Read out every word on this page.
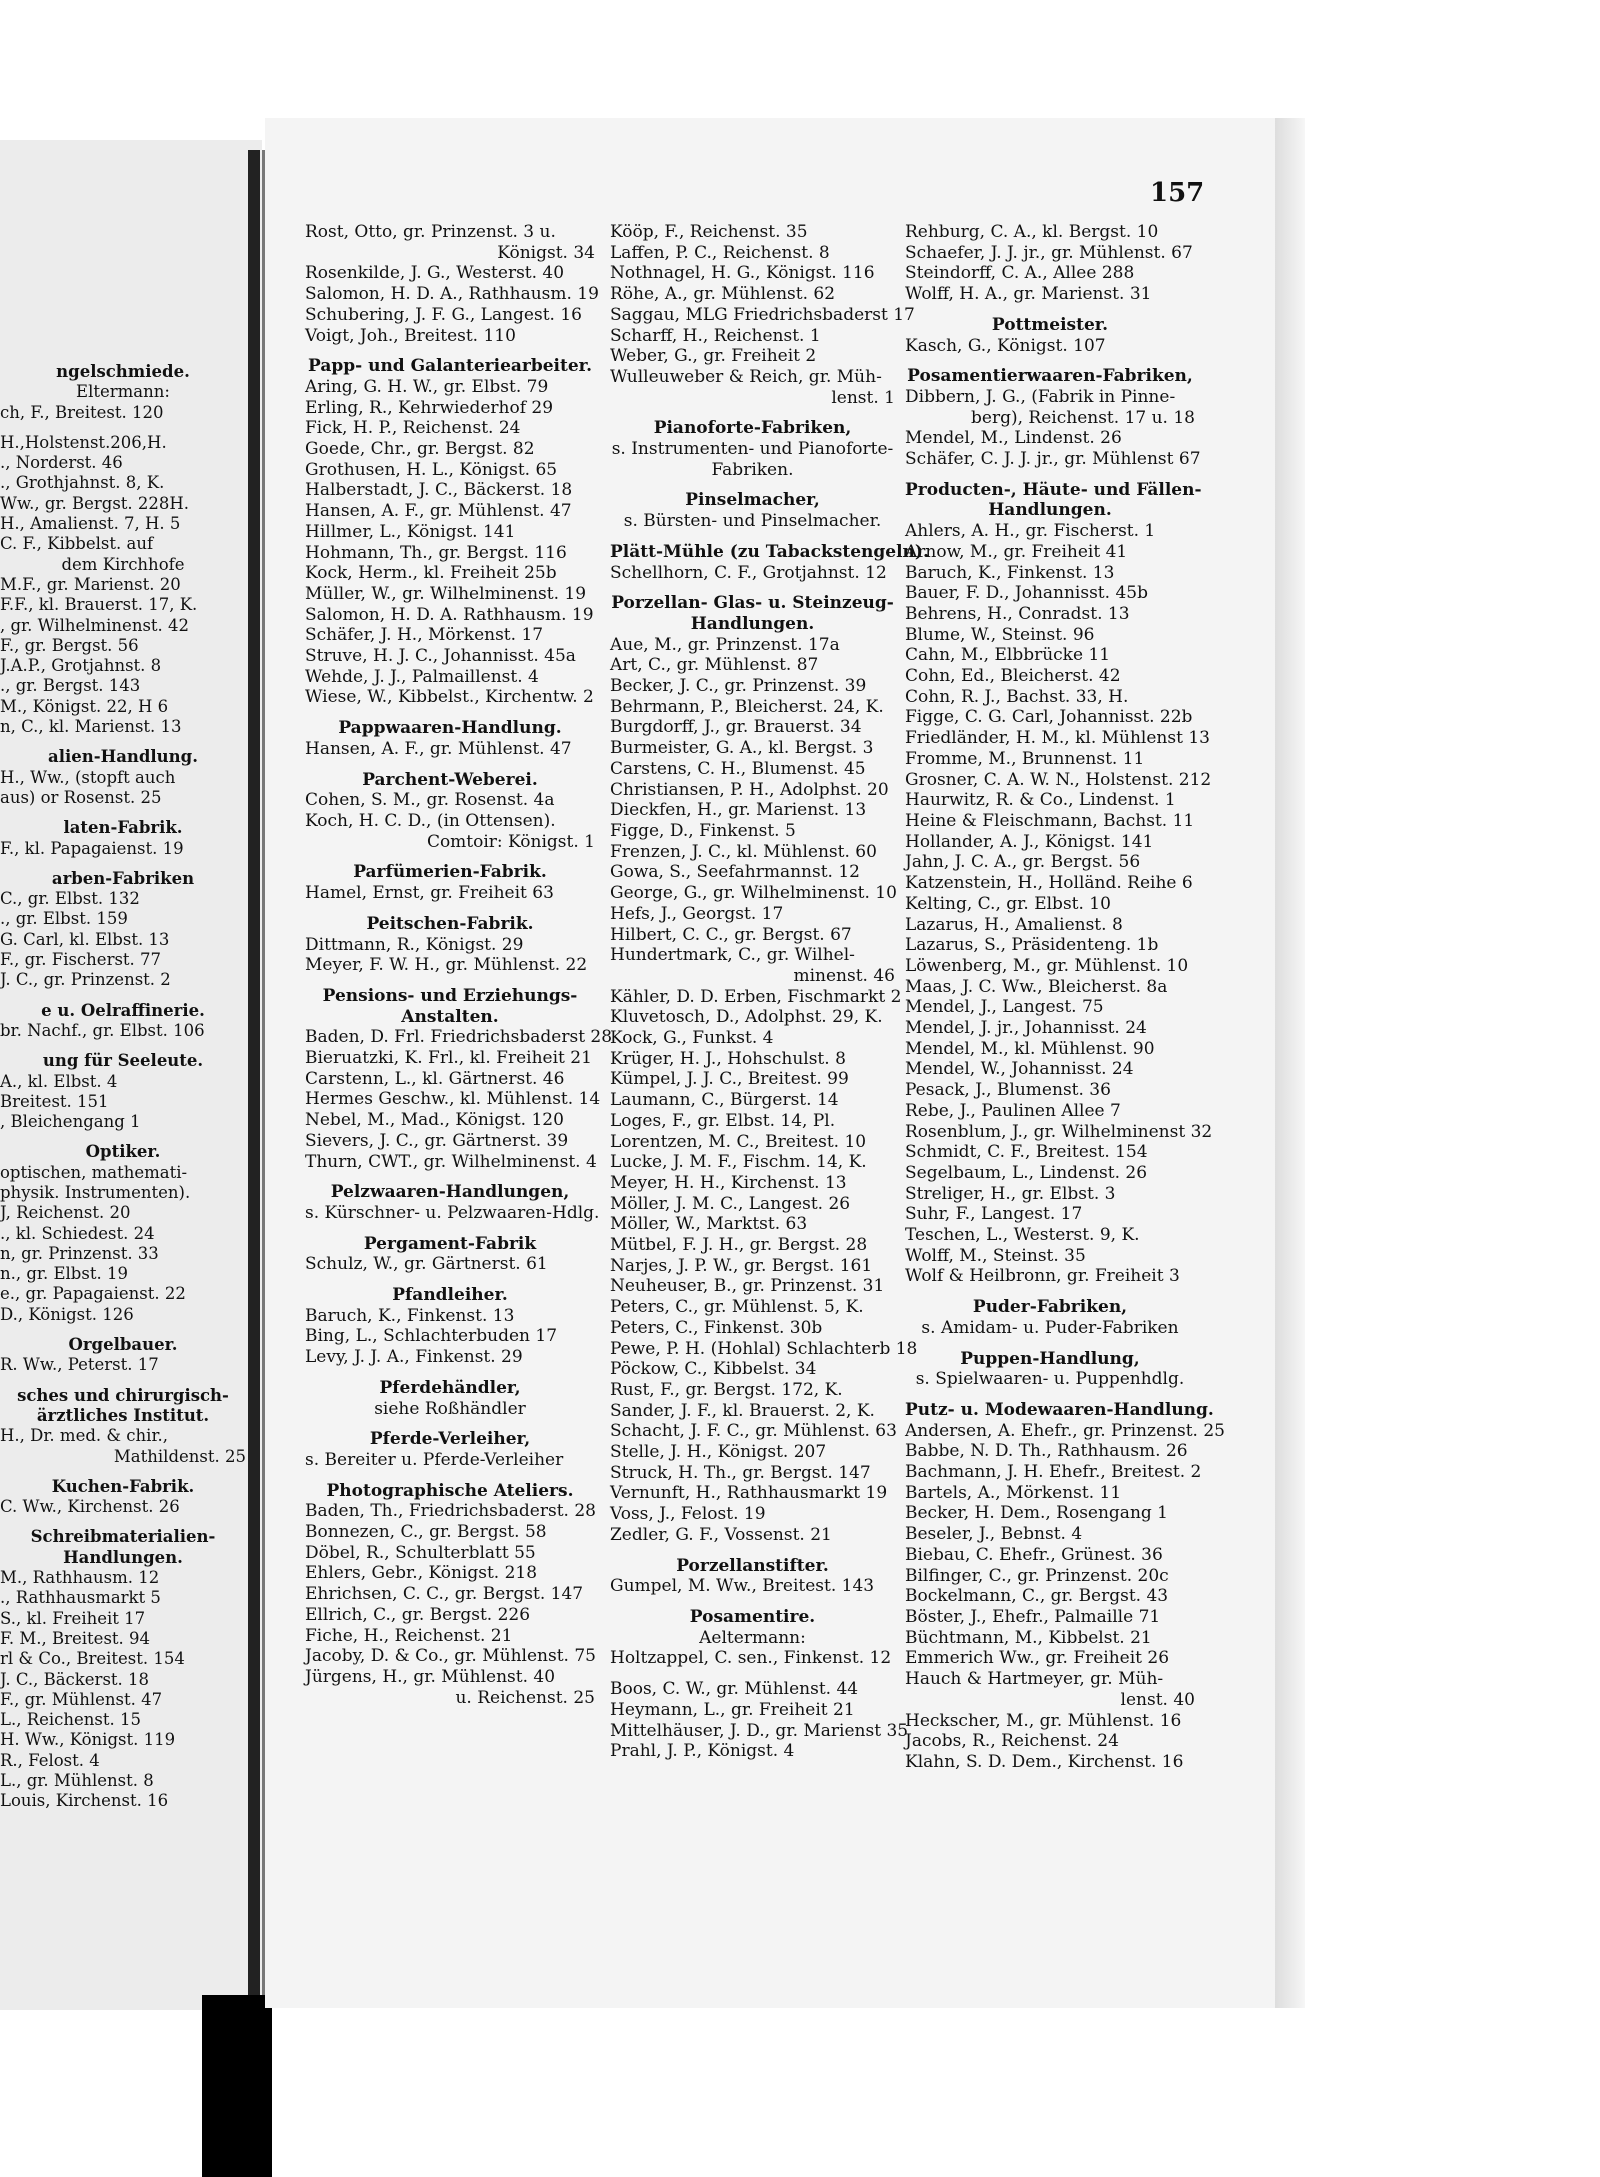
ngelschmiede.
Eltermann:
ch, F., Breitest. 120
H.,Holstenst.206,H.
., Norderst. 46
., Grothjahnst. 8, K.
Ww., gr. Bergst. 228H.
H., Amalienst. 7, H. 5
C. F., Kibbelst. auf
dem Kirchhofe
M.F., gr. Marienst. 20
F.F., kl. Brauerst. 17, K.
, gr. Wilhelminenst. 42
F., gr. Bergst. 56
J.A.P., Grotjahnst. 8
., gr. Bergst. 143
M., Königst. 22, H 6
n, C., kl. Marienst. 13
alien-Handlung.
H., Ww., (stopft auch
aus) or Rosenst. 25
laten-Fabrik.
F., kl. Papagaienst. 19
arben-Fabriken
C., gr. Elbst. 132
., gr. Elbst. 159
G. Carl, kl. Elbst. 13
F., gr. Fischerst. 77
J. C., gr. Prinzenst. 2
e u. Oelraffinerie.
br. Nachf., gr. Elbst. 106
ung für Seeleute.
A., kl. Elbst. 4
Breitest. 151
, Bleichengang 1
Optiker.
optischen, mathemati-
physik. Instrumenten).
J, Reichenst. 20
., kl. Schiedest. 24
n, gr. Prinzenst. 33
n., gr. Elbst. 19
e., gr. Papagaienst. 22
D., Königst. 126
Orgelbauer.
R. Ww., Peterst. 17
sches und chirurgisch-
ärztliches Institut.
H., Dr. med. & chir.,
Mathildenst. 25
Kuchen-Fabrik.
C. Ww., Kirchenst. 26
Schreibmaterialien-
Handlungen.
M., Rathhausm. 12
., Rathhausmarkt 5
S., kl. Freiheit 17
F. M., Breitest. 94
rl & Co., Breitest. 154
J. C., Bäckerst. 18
F., gr. Mühlenst. 47
L., Reichenst. 15
H. Ww., Königst. 119
R., Felost. 4
L., gr. Mühlenst. 8
Louis, Kirchenst. 16
157
Rost, Otto, gr. Prinzenst. 3 u.
Königst. 34
Rosenkilde, J. G., Westerst. 40
Salomon, H. D. A., Rathhausm. 19
Schubering, J. F. G., Langest. 16
Voigt, Joh., Breitest. 110
Papp- und Galanteriearbeiter.
Aring, G. H. W., gr. Elbst. 79
Erling, R., Kehrwiederhof 29
Fick, H. P., Reichenst. 24
Goede, Chr., gr. Bergst. 82
Grothusen, H. L., Königst. 65
Halberstadt, J. C., Bäckerst. 18
Hansen, A. F., gr. Mühlenst. 47
Hillmer, L., Königst. 141
Hohmann, Th., gr. Bergst. 116
Kock, Herm., kl. Freiheit 25b
Müller, W., gr. Wilhelminenst. 19
Salomon, H. D. A. Rathhausm. 19
Schäfer, J. H., Mörkenst. 17
Struve, H. J. C., Johannisst. 45a
Wehde, J. J., Palmaillenst. 4
Wiese, W., Kibbelst., Kirchentw. 2
Pappwaaren-Handlung.
Hansen, A. F., gr. Mühlenst. 47
Parchent-Weberei.
Cohen, S. M., gr. Rosenst. 4a
Koch, H. C. D., (in Ottensen).
Comtoir: Königst. 1
Parfümerien-Fabrik.
Hamel, Ernst, gr. Freiheit 63
Peitschen-Fabrik.
Dittmann, R., Königst. 29
Meyer, F. W. H., gr. Mühlenst. 22
Pensions- und Erziehungs-
Anstalten.
Baden, D. Frl. Friedrichsbaderst 28
Bieruatzki, K. Frl., kl. Freiheit 21
Carstenn, L., kl. Gärtnerst. 46
Hermes Geschw., kl. Mühlenst. 14
Nebel, M., Mad., Königst. 120
Sievers, J. C., gr. Gärtnerst. 39
Thurn, CWT., gr. Wilhelminenst. 4
Pelzwaaren-Handlungen,
s. Kürschner- u. Pelzwaaren-Hdlg.
Pergament-Fabrik
Schulz, W., gr. Gärtnerst. 61
Pfandleiher.
Baruch, K., Finkenst. 13
Bing, L., Schlachterbuden 17
Levy, J. J. A., Finkenst. 29
Pferdehändler,
siehe Roßhändler
Pferde-Verleiher,
s. Bereiter u. Pferde-Verleiher
Photographische Ateliers.
Baden, Th., Friedrichsbaderst. 28
Bonnezen, C., gr. Bergst. 58
Döbel, R., Schulterblatt 55
Ehlers, Gebr., Königst. 218
Ehrichsen, C. C., gr. Bergst. 147
Ellrich, C., gr. Bergst. 226
Fiche, H., Reichenst. 21
Jacoby, D. & Co., gr. Mühlenst. 75
Jürgens, H., gr. Mühlenst. 40
u. Reichenst. 25
Kööp, F., Reichenst. 35
Laffen, P. C., Reichenst. 8
Nothnagel, H. G., Königst. 116
Röhe, A., gr. Mühlenst. 62
Saggau, MLG Friedrichsbaderst 17
Scharff, H., Reichenst. 1
Weber, G., gr. Freiheit 2
Wulleuweber & Reich, gr. Müh-
lenst. 1
Pianoforte-Fabriken,
s. Instrumenten- und Pianoforte-
Fabriken.
Pinselmacher,
s. Bürsten- und Pinselmacher.
Plätt-Mühle (zu Tabackstengeln).
Schellhorn, C. F., Grotjahnst. 12
Porzellan- Glas- u. Steinzeug-
Handlungen.
Aue, M., gr. Prinzenst. 17a
Art, C., gr. Mühlenst. 87
Becker, J. C., gr. Prinzenst. 39
Behrmann, P., Bleicherst. 24, K.
Burgdorff, J., gr. Brauerst. 34
Burmeister, G. A., kl. Bergst. 3
Carstens, C. H., Blumenst. 45
Christiansen, P. H., Adolphst. 20
Dieckfen, H., gr. Marienst. 13
Figge, D., Finkenst. 5
Frenzen, J. C., kl. Mühlenst. 60
Gowa, S., Seefahrmannst. 12
George, G., gr. Wilhelminenst. 10
Hefs, J., Georgst. 17
Hilbert, C. C., gr. Bergst. 67
Hundertmark, C., gr. Wilhel-
minenst. 46
Kähler, D. D. Erben, Fischmarkt 2
Kluvetosch, D., Adolphst. 29, K.
Kock, G., Funkst. 4
Krüger, H. J., Hohschulst. 8
Kümpel, J. J. C., Breitest. 99
Laumann, C., Bürgerst. 14
Loges, F., gr. Elbst. 14, Pl.
Lorentzen, M. C., Breitest. 10
Lucke, J. M. F., Fischm. 14, K.
Meyer, H. H., Kirchenst. 13
Möller, J. M. C., Langest. 26
Möller, W., Marktst. 63
Mütbel, F. J. H., gr. Bergst. 28
Narjes, J. P. W., gr. Bergst. 161
Neuheuser, B., gr. Prinzenst. 31
Peters, C., gr. Mühlenst. 5, K.
Peters, C., Finkenst. 30b
Pewe, P. H. (Hohlal) Schlachterb 18
Pöckow, C., Kibbelst. 34
Rust, F., gr. Bergst. 172, K.
Sander, J. F., kl. Brauerst. 2, K.
Schacht, J. F. C., gr. Mühlenst. 63
Stelle, J. H., Königst. 207
Struck, H. Th., gr. Bergst. 147
Vernunft, H., Rathhausmarkt 19
Voss, J., Felost. 19
Zedler, G. F., Vossenst. 21
Porzellanstifter.
Gumpel, M. Ww., Breitest. 143
Posamentire.
Aeltermann:
Holtzappel, C. sen., Finkenst. 12
Boos, C. W., gr. Mühlenst. 44
Heymann, L., gr. Freiheit 21
Mittelhäuser, J. D., gr. Marienst 35
Prahl, J. P., Königst. 4
Rehburg, C. A., kl. Bergst. 10
Schaefer, J. J. jr., gr. Mühlenst. 67
Steindorff, C. A., Allee 288
Wolff, H. A., gr. Marienst. 31
Pottmeister.
Kasch, G., Königst. 107
Posamentierwaaren-Fabriken,
Dibbern, J. G., (Fabrik in Pinne-
berg), Reichenst. 17 u. 18
Mendel, M., Lindenst. 26
Schäfer, C. J. J. jr., gr. Mühlenst 67
Producten-, Häute- und Fällen-
Handlungen.
Ahlers, A. H., gr. Fischerst. 1
Arnow, M., gr. Freiheit 41
Baruch, K., Finkenst. 13
Bauer, F. D., Johannisst. 45b
Behrens, H., Conradst. 13
Blume, W., Steinst. 96
Cahn, M., Elbbrücke 11
Cohn, Ed., Bleicherst. 42
Cohn, R. J., Bachst. 33, H.
Figge, C. G. Carl, Johannisst. 22b
Friedländer, H. M., kl. Mühlenst 13
Fromme, M., Brunnenst. 11
Grosner, C. A. W. N., Holstenst. 212
Haurwitz, R. & Co., Lindenst. 1
Heine & Fleischmann, Bachst. 11
Hollander, A. J., Königst. 141
Jahn, J. C. A., gr. Bergst. 56
Katzenstein, H., Holländ. Reihe 6
Kelting, C., gr. Elbst. 10
Lazarus, H., Amalienst. 8
Lazarus, S., Präsidenteng. 1b
Löwenberg, M., gr. Mühlenst. 10
Maas, J. C. Ww., Bleicherst. 8a
Mendel, J., Langest. 75
Mendel, J. jr., Johannisst. 24
Mendel, M., kl. Mühlenst. 90
Mendel, W., Johannisst. 24
Pesack, J., Blumenst. 36
Rebe, J., Paulinen Allee 7
Rosenblum, J., gr. Wilhelminenst 32
Schmidt, C. F., Breitest. 154
Segelbaum, L., Lindenst. 26
Streliger, H., gr. Elbst. 3
Suhr, F., Langest. 17
Teschen, L., Westerst. 9, K.
Wolff, M., Steinst. 35
Wolf & Heilbronn, gr. Freiheit 3
Puder-Fabriken,
s. Amidam- u. Puder-Fabriken
Puppen-Handlung,
s. Spielwaaren- u. Puppenhdlg.
Putz- u. Modewaaren-Handlung.
Andersen, A. Ehefr., gr. Prinzenst. 25
Babbe, N. D. Th., Rathhausm. 26
Bachmann, J. H. Ehefr., Breitest. 2
Bartels, A., Mörkenst. 11
Becker, H. Dem., Rosengang 1
Beseler, J., Bebnst. 4
Biebau, C. Ehefr., Grünest. 36
Bilfinger, C., gr. Prinzenst. 20c
Bockelmann, C., gr. Bergst. 43
Böster, J., Ehefr., Palmaille 71
Büchtmann, M., Kibbelst. 21
Emmerich Ww., gr. Freiheit 26
Hauch & Hartmeyer, gr. Müh-
lenst. 40
Heckscher, M., gr. Mühlenst. 16
Jacobs, R., Reichenst. 24
Klahn, S. D. Dem., Kirchenst. 16
